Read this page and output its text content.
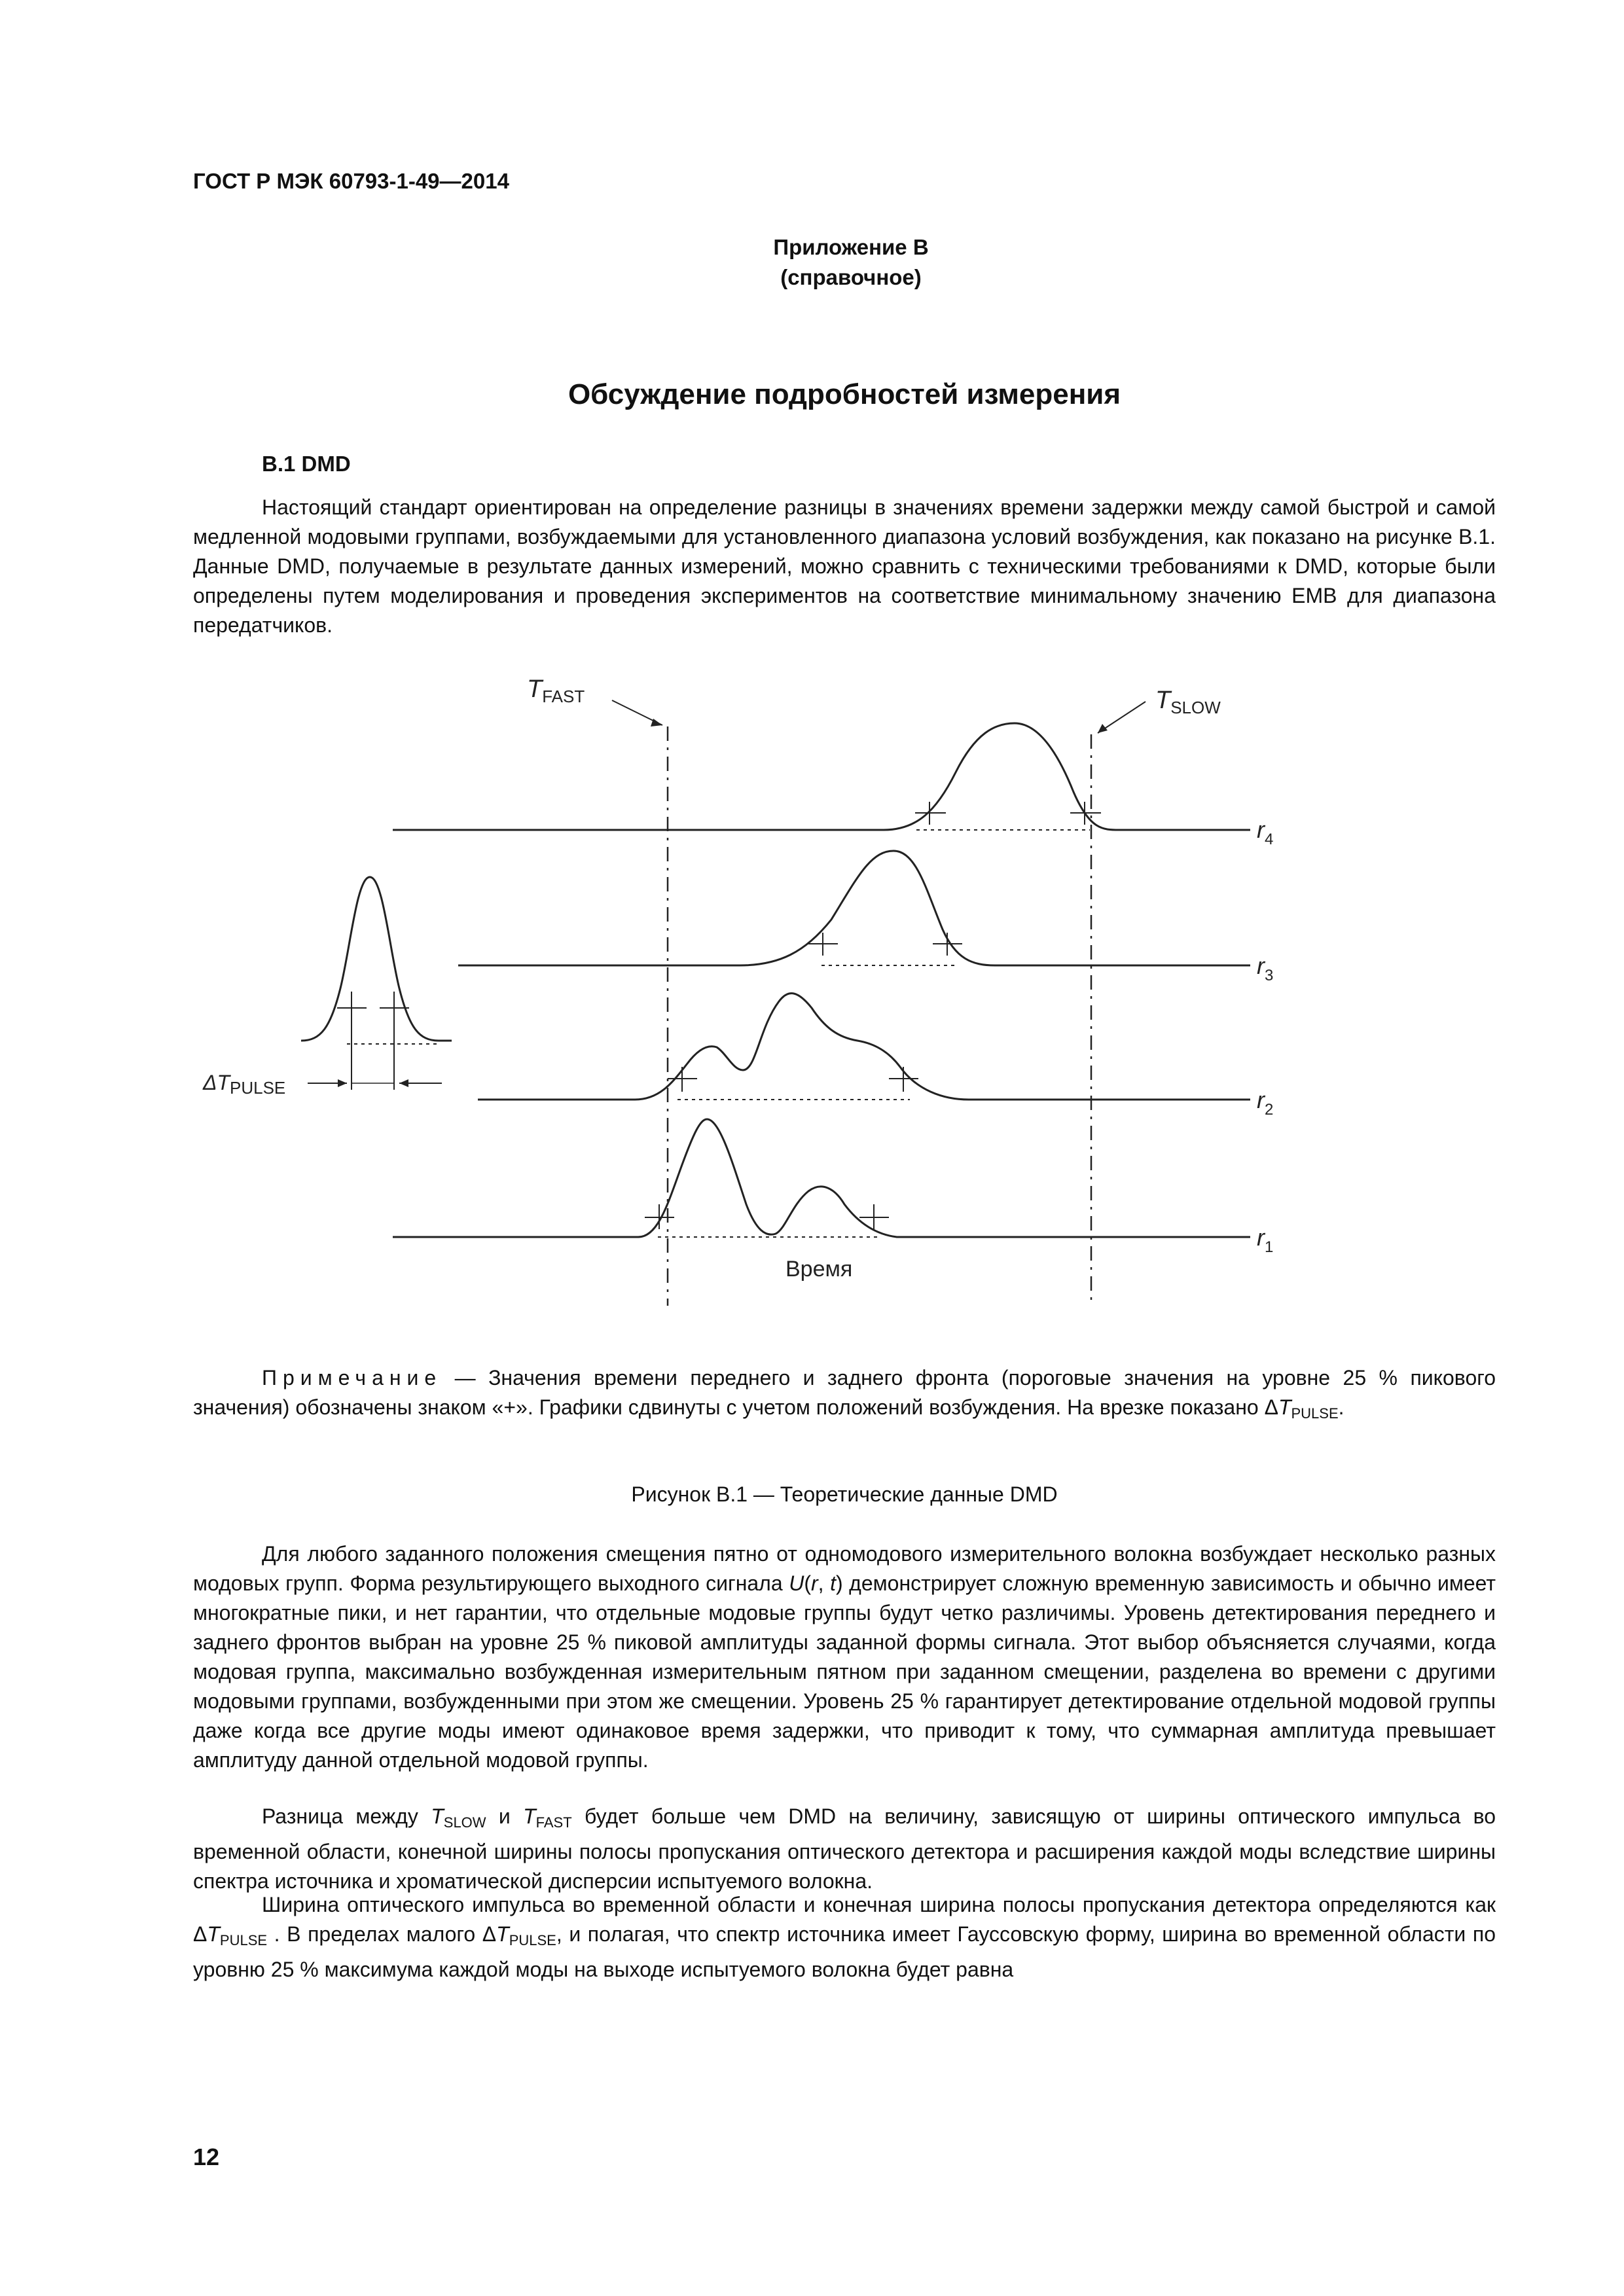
ГОСТ Р МЭК 60793-1-49—2014
Приложение В
(справочное)
Обсуждение подробностей измерения
В.1 DMD
Настоящий стандарт ориентирован на определение разницы в значениях времени задержки между самой быстрой и самой медленной модовыми группами, возбуждаемыми для установленного диапазона условий возбуждения, как показано на рисунке В.1. Данные DMD, получаемые в результате данных измерений, можно сравнить с техническими требованиями к DMD, которые были определены путем моделирования и проведения экспериментов на соответствие минимальному значению ЕМВ для диапазона передатчиков.
$T_{FAST}$	$T_{SLOW}$
ΔTPULSE
Время
$r_4$
$r_3$
$r_2$
$r_1$
Примечание — Значения времени переднего и заднего фронта (пороговые значения на уровне 25 % пикового значения) обозначены знаком «+». Графики сдвинуты с учетом положений возбуждения. На врезке показано $\Delta T_{PULSE}$.
Рисунок В.1 — Теоретические данные DMD
Для любого заданного положения смещения пятно от одномодового измерительного волокна возбуждает несколько разных модовых групп. Форма результирующего выходного сигнала U(r, t) демонстрирует сложную временную зависимость и обычно имеет многократные пики, и нет гарантии, что отдельные модовые группы будут четко различимы. Уровень детектирования переднего и заднего фронтов выбран на уровне 25 % пиковой амплитуды заданной формы сигнала. Этот выбор объясняется случаями, когда модовая группа, максимально возбужденная измерительным пятном при заданном смещении, разделена во времени с другими модовыми группами, возбужденными при этом же смещении. Уровень 25 % гарантирует детектирование отдельной модовой группы даже когда все другие моды имеют одинаковое время задержки, что приводит к тому, что суммарная амплитуда превышает амплитуду данной отдельной модовой группы.
Разница между $T_{SLOW}$ и $T_{FAST}$ будет больше чем DMD на величину, зависящую от ширины оптического импульса во временной области, конечной ширины полосы пропускания оптического детектора и расширения каждой моды вследствие ширины спектра источника и хроматической дисперсии испытуемого волокна.
Ширина оптического импульса во временной области и конечная ширина полосы пропускания детектора определяются как $\Delta T_{PULSE}$ . В пределах малого $\Delta T_{PULSE}$, и полагая, что спектр источника имеет Гауссовскую форму, ширина во временной области по уровню 25 % максимума каждой моды на выходе испытуемого волокна будет равна
12
